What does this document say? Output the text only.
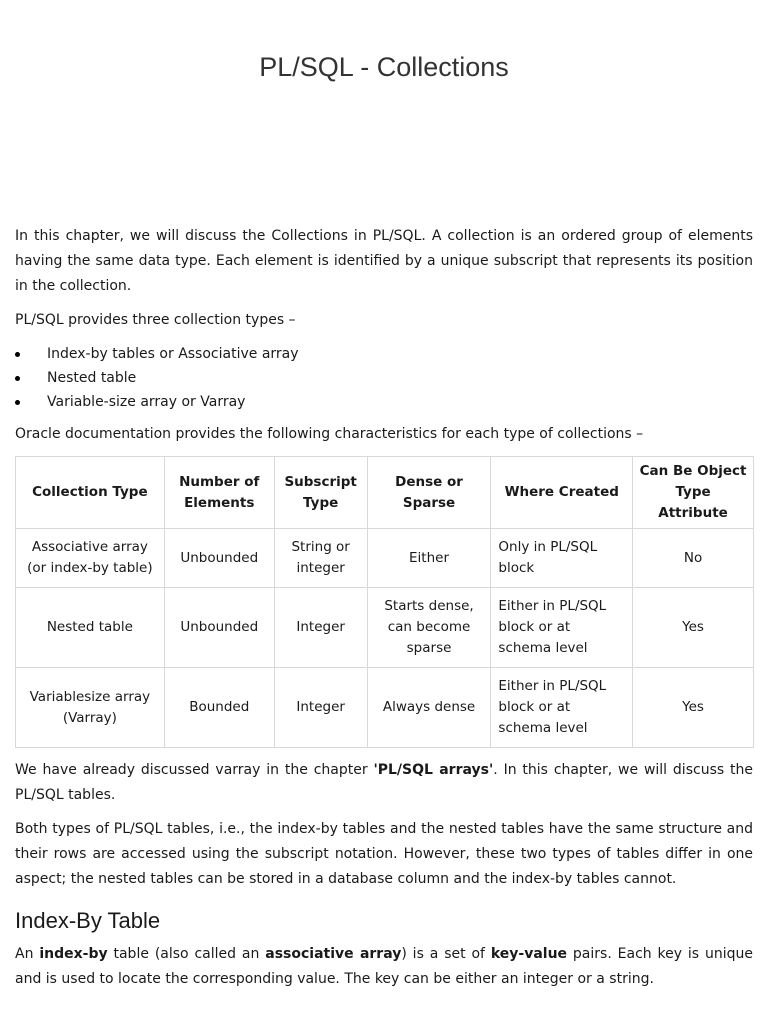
PL/SQL - Collections

In this chapter, we will discuss the Collections in PL/SQL. A collection is an ordered group of elements having the same data type. Each element is identified by a unique subscript that represents its position in the collection.

PL/SQL provides three collection types –

Index-by tables or Associative array
Nested table
Variable-size array or Varray

Oracle documentation provides the following characteristics for each type of collections –

Collection Type	Number of Elements	Subscript Type	Dense or Sparse	Where Created	Can Be Object Type Attribute
Associative array (or index-by table)	Unbounded	String or integer	Either	Only in PL/SQL block	No
Nested table	Unbounded	Integer	Starts dense, can become sparse	Either in PL/SQL block or at schema level	Yes
Variablesize array (Varray)	Bounded	Integer	Always dense	Either in PL/SQL block or at schema level	Yes

We have already discussed varray in the chapter 'PL/SQL arrays'. In this chapter, we will discuss the PL/SQL tables.

Both types of PL/SQL tables, i.e., the index-by tables and the nested tables have the same structure and their rows are accessed using the subscript notation. However, these two types of tables differ in one aspect; the nested tables can be stored in a database column and the index-by tables cannot.

Index-By Table

An index-by table (also called an associative array) is a set of key-value pairs. Each key is unique and is used to locate the corresponding value. The key can be either an integer or a string.
